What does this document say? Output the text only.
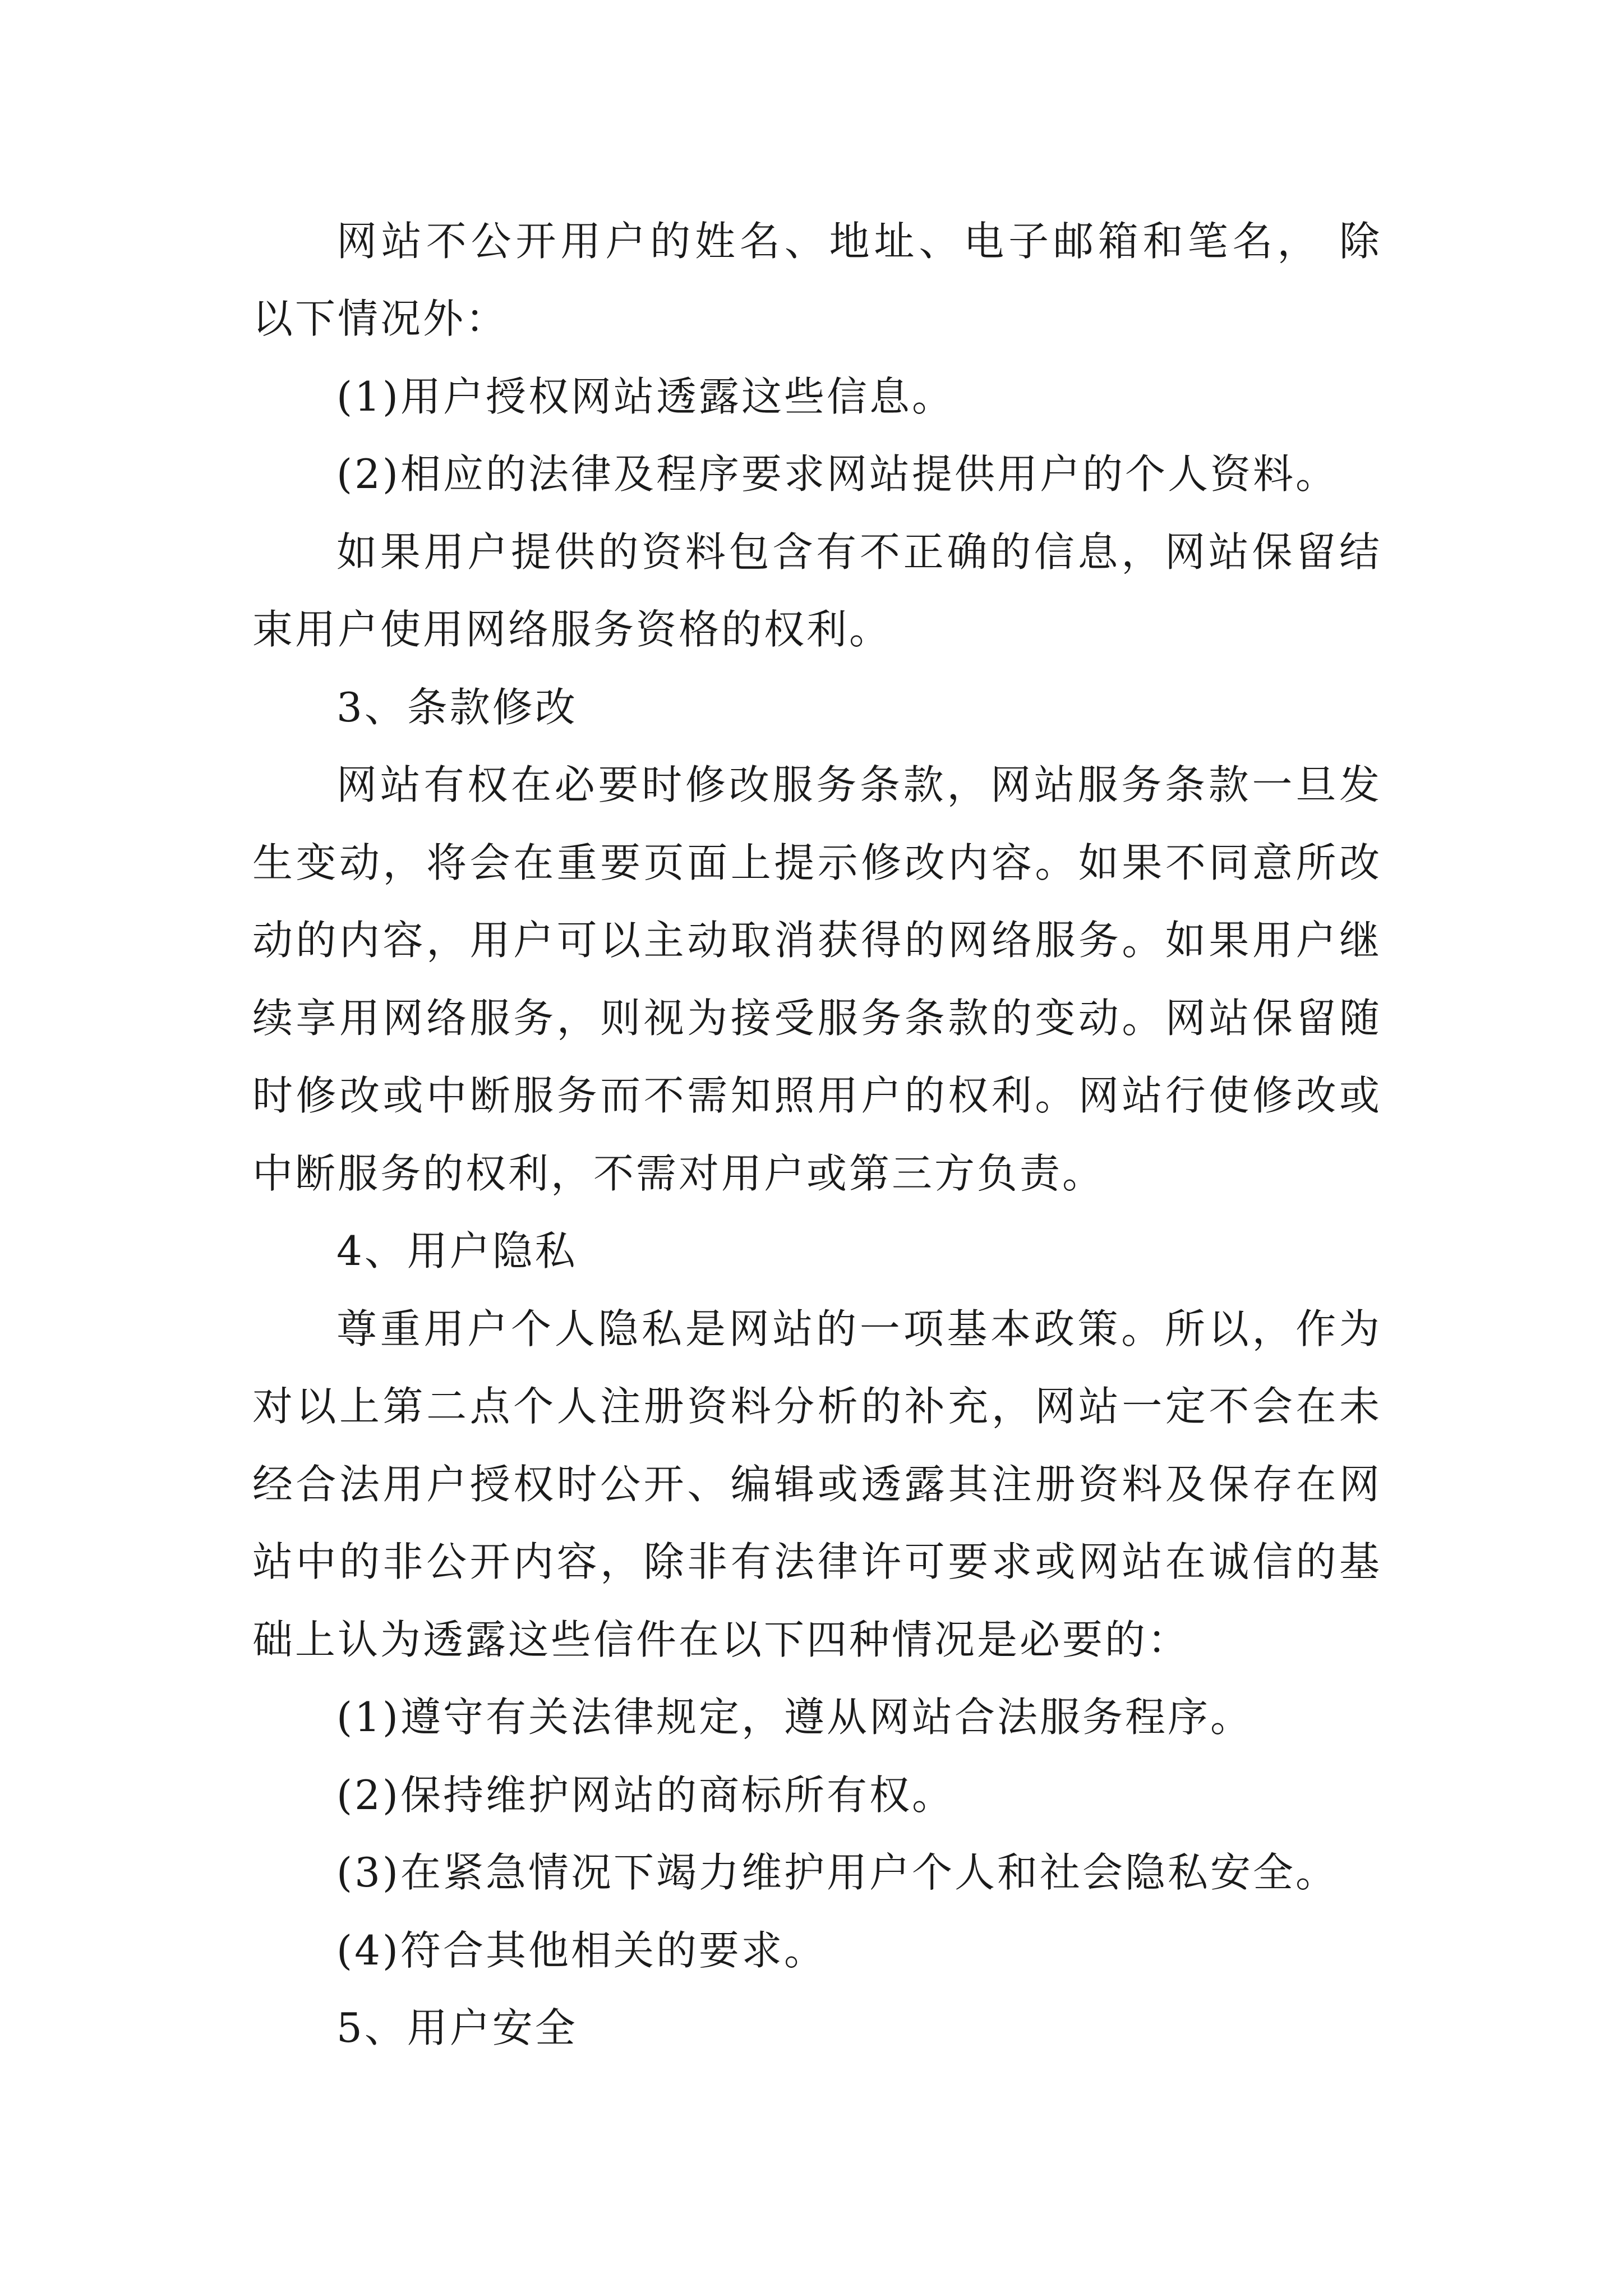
网站不公开用户的姓名、地址、电子邮箱和笔名， 除

以下情况外：

(1)用户授权网站透露这些信息。

(2)相应的法律及程序要求网站提供用户的个人资料。

如果用户提供的资料包含有不正确的信息，网站保留结

束用户使用网络服务资格的权利。

3、条款修改

网站有权在必要时修改服务条款，网站服务条款一旦发

生变动，将会在重要页面上提示修改内容。如果不同意所改

动的内容，用户可以主动取消获得的网络服务。如果用户继

续享用网络服务，则视为接受服务条款的变动。网站保留随

时修改或中断服务而不需知照用户的权利。网站行使修改或

中断服务的权利，不需对用户或第三方负责。

4、用户隐私

尊重用户个人隐私是网站的一项基本政策。所以，作为

对以上第二点个人注册资料分析的补充，网站一定不会在未

经合法用户授权时公开、编辑或透露其注册资料及保存在网

站中的非公开内容，除非有法律许可要求或网站在诚信的基

础上认为透露这些信件在以下四种情况是必要的：

(1)遵守有关法律规定，遵从网站合法服务程序。

(2)保持维护网站的商标所有权。

(3)在紧急情况下竭力维护用户个人和社会隐私安全。

(4)符合其他相关的要求。

5、用户安全
